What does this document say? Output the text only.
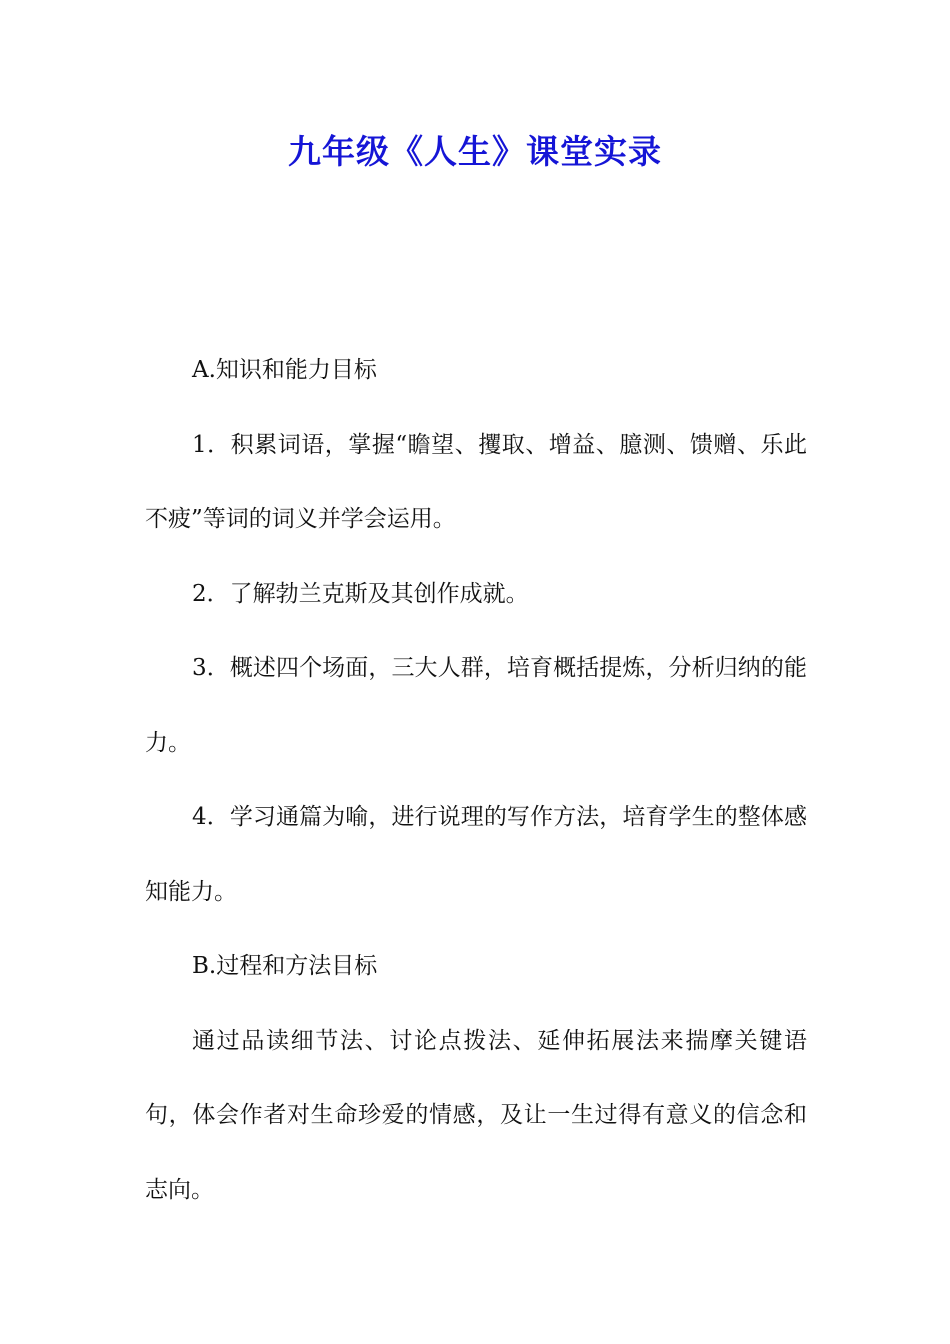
九年级《人生》课堂实录

A.知识和能力目标

1．积累词语，掌握“瞻望、攫取、增益、臆测、馈赠、乐此不疲”等词的词义并学会运用。

2．了解勃兰克斯及其创作成就。

3．概述四个场面，三大人群，培育概括提炼，分析归纳的能力。

4．学习通篇为喻，进行说理的写作方法，培育学生的整体感知能力。

B.过程和方法目标

通过品读细节法、讨论点拨法、延伸拓展法来揣摩关键语句，体会作者对生命珍爱的情感，及让一生过得有意义的信念和志向。
